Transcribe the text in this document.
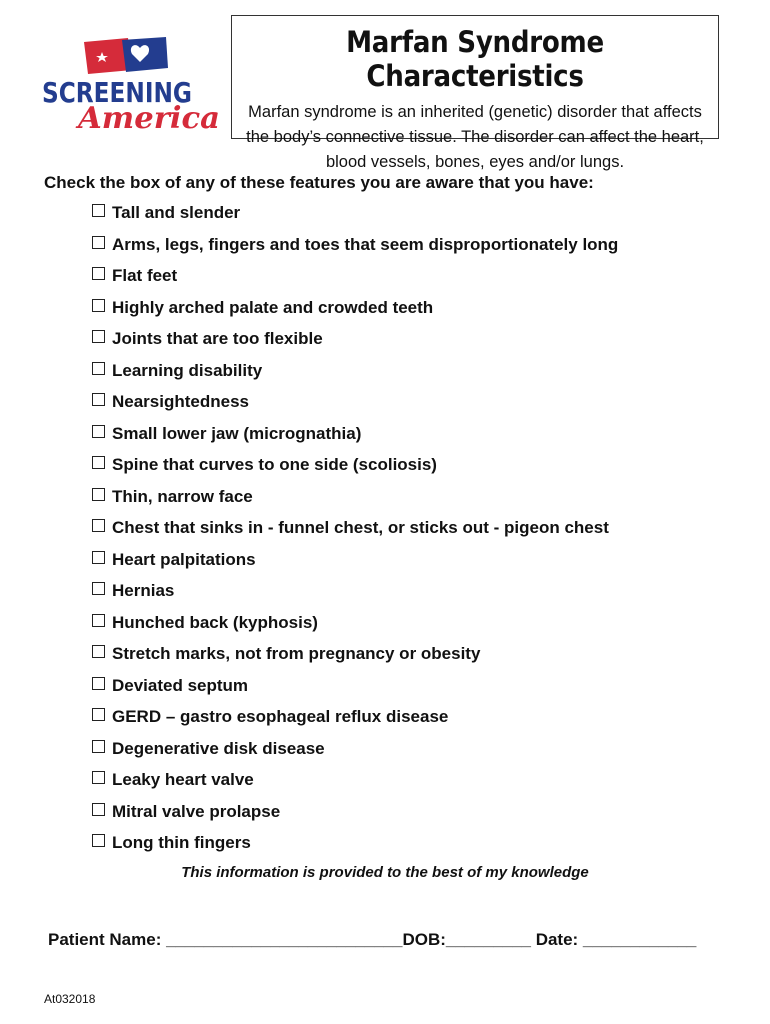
SCREENING
America
Marfan Syndrome Characteristics

Marfan syndrome is an inherited (genetic) disorder that affects the body’s connective tissue. The disorder can affect the heart, blood vessels, bones, eyes and/or lungs.

Check the box of any of these features you are aware that you have:
Tall and slender
Arms, legs, fingers and toes that seem disproportionately long
Flat feet
Highly arched palate and crowded teeth
Joints that are too flexible
Learning disability
Nearsightedness
Small lower jaw (micrognathia)
Spine that curves to one side (scoliosis)
Thin, narrow face
Chest that sinks in - funnel chest, or sticks out - pigeon chest
Heart palpitations
Hernias
Hunched back (kyphosis)
Stretch marks, not from pregnancy or obesity
Deviated septum
GERD – gastro esophageal reflux disease
Degenerative disk disease
Leaky heart valve
Mitral valve prolapse
Long thin fingers
This information is provided to the best of my knowledge
Patient Name: _________________________DOB:_________ Date: ____________
At032018
